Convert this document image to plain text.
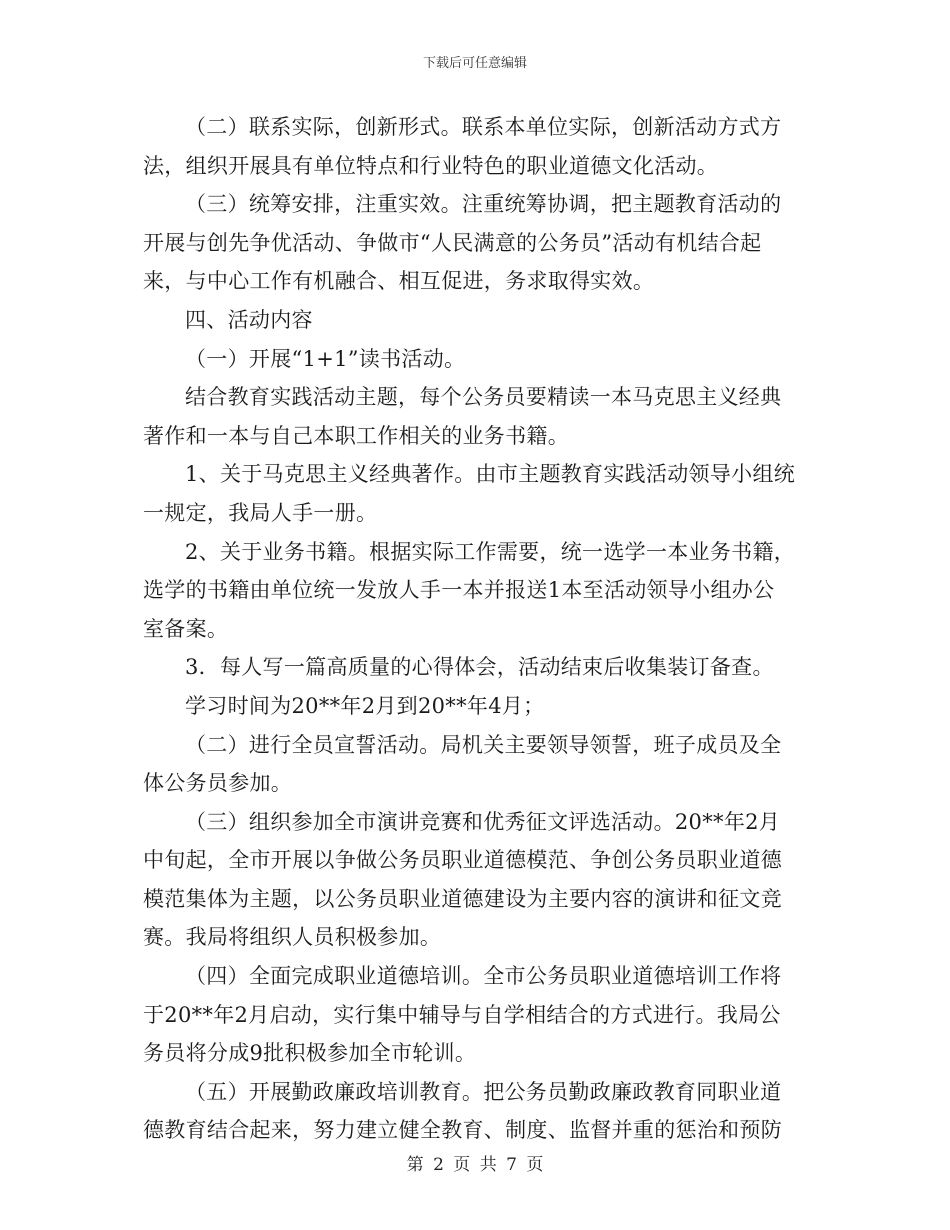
下载后可任意编辑

（二）联系实际，创新形式。联系本单位实际，创新活动方式方
法，组织开展具有单位特点和行业特色的职业道德文化活动。

（三）统筹安排，注重实效。注重统筹协调，把主题教育活动的
开展与创先争优活动、争做市“人民满意的公务员”活动有机结合起
来，与中心工作有机融合、相互促进，务求取得实效。

四、活动内容

（一）开展“1+1”读书活动。

结合教育实践活动主题，每个公务员要精读一本马克思主义经典
著作和一本与自己本职工作相关的业务书籍。

1、关于马克思主义经典著作。由市主题教育实践活动领导小组统
一规定，我局人手一册。

2、关于业务书籍。根据实际工作需要，统一选学一本业务书籍，
选学的书籍由单位统一发放人手一本并报送1本至活动领导小组办公
室备案。

3．每人写一篇高质量的心得体会，活动结束后收集装订备查。

学习时间为20**年2月到20**年4月；

（二）进行全员宣誓活动。局机关主要领导领誓，班子成员及全
体公务员参加。

（三）组织参加全市演讲竞赛和优秀征文评选活动。20**年2月
中旬起，全市开展以争做公务员职业道德模范、争创公务员职业道德
模范集体为主题，以公务员职业道德建设为主要内容的演讲和征文竞
赛。我局将组织人员积极参加。

（四）全面完成职业道德培训。全市公务员职业道德培训工作将
于20**年2月启动，实行集中辅导与自学相结合的方式进行。我局公
务员将分成9批积极参加全市轮训。

（五）开展勤政廉政培训教育。把公务员勤政廉政教育同职业道
德教育结合起来，努力建立健全教育、制度、监督并重的惩治和预防

第 2 页 共 7 页
